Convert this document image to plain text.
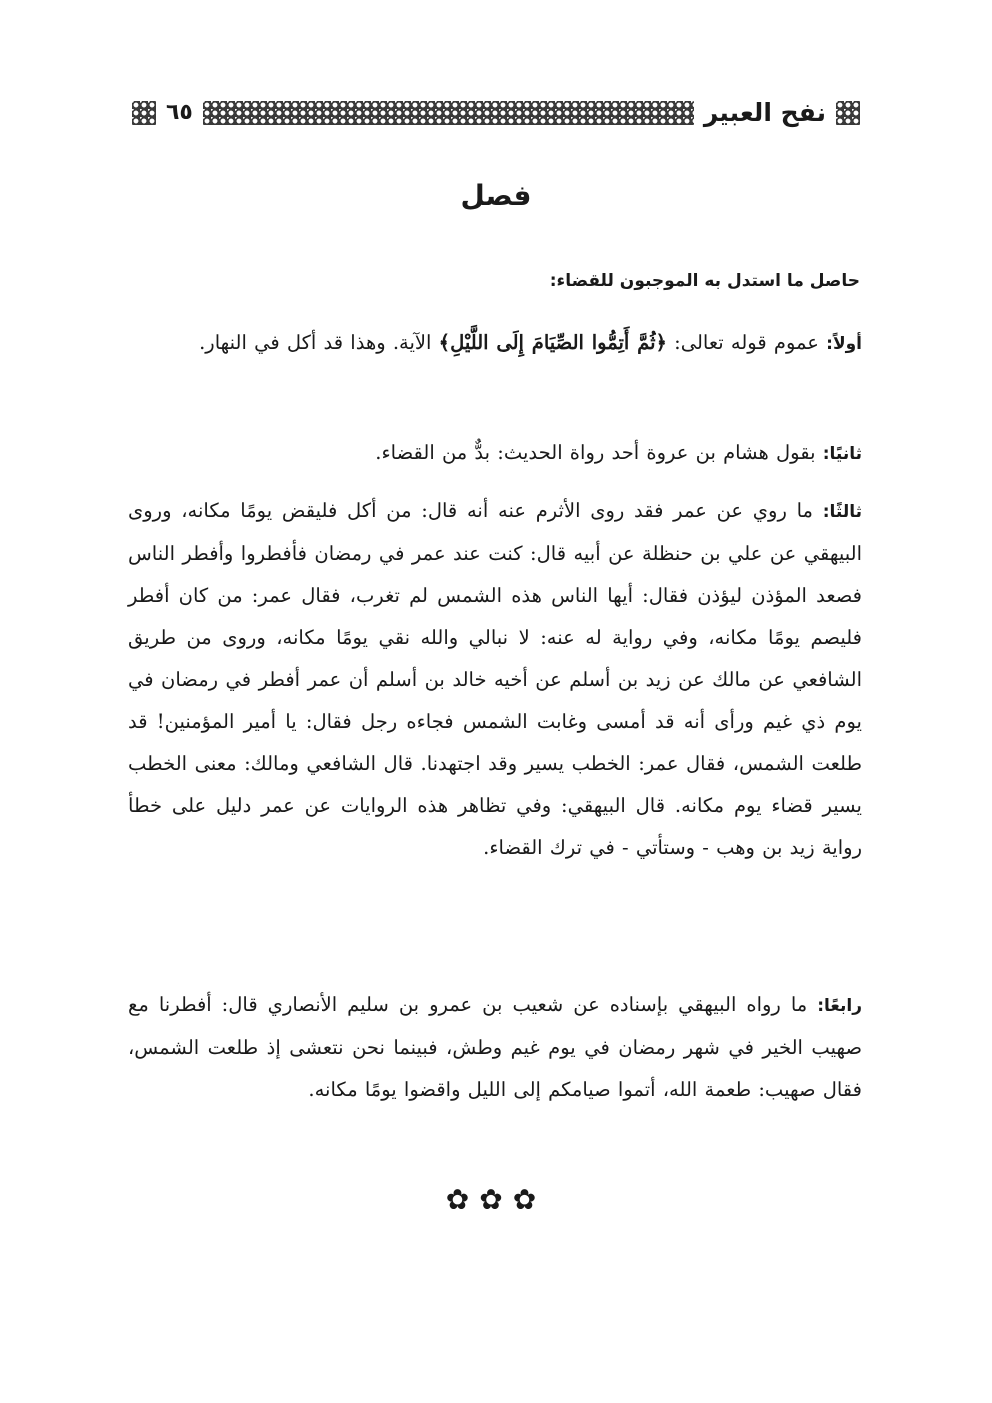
نفح العبير
٦٥
فصل

حاصل ما استدل به الموجبون للقضاء:

أولاً: عموم قوله تعالى: ﴿ثُمَّ أَتِمُّوا الصِّيَامَ إِلَى اللَّيْلِ﴾ الآية. وهذا قد أكل في النهار.

ثانيًا: بقول هشام بن عروة أحد رواة الحديث: بدٌّ من القضاء.

ثالثًا: ما روي عن عمر فقد روى الأثرم عنه أنه قال: من أكل فليقض يومًا مكانه، وروى البيهقي عن علي بن حنظلة عن أبيه قال: كنت عند عمر في رمضان فأفطروا وأفطر الناس فصعد المؤذن ليؤذن فقال: أيها الناس هذه الشمس لم تغرب، فقال عمر: من كان أفطر فليصم يومًا مكانه، وفي رواية له عنه: لا نبالي والله نقي يومًا مكانه، وروى من طريق الشافعي عن مالك عن زيد بن أسلم عن أخيه خالد بن أسلم أن عمر أفطر في رمضان في يوم ذي غيم ورأى أنه قد أمسى وغابت الشمس فجاءه رجل فقال: يا أمير المؤمنين! قد طلعت الشمس، فقال عمر: الخطب يسير وقد اجتهدنا. قال الشافعي ومالك: معنى الخطب يسير قضاء يوم مكانه. قال البيهقي: وفي تظاهر هذه الروايات عن عمر دليل على خطأ رواية زيد بن وهب - وستأتي - في ترك القضاء.

رابعًا: ما رواه البيهقي بإسناده عن شعيب بن عمرو بن سليم الأنصاري قال: أفطرنا مع صهيب الخير في شهر رمضان في يوم غيم وطش، فبينما نحن نتعشى إذ طلعت الشمس، فقال صهيب: طعمة الله، أتموا صيامكم إلى الليل واقضوا يومًا مكانه.

✿✿✿
